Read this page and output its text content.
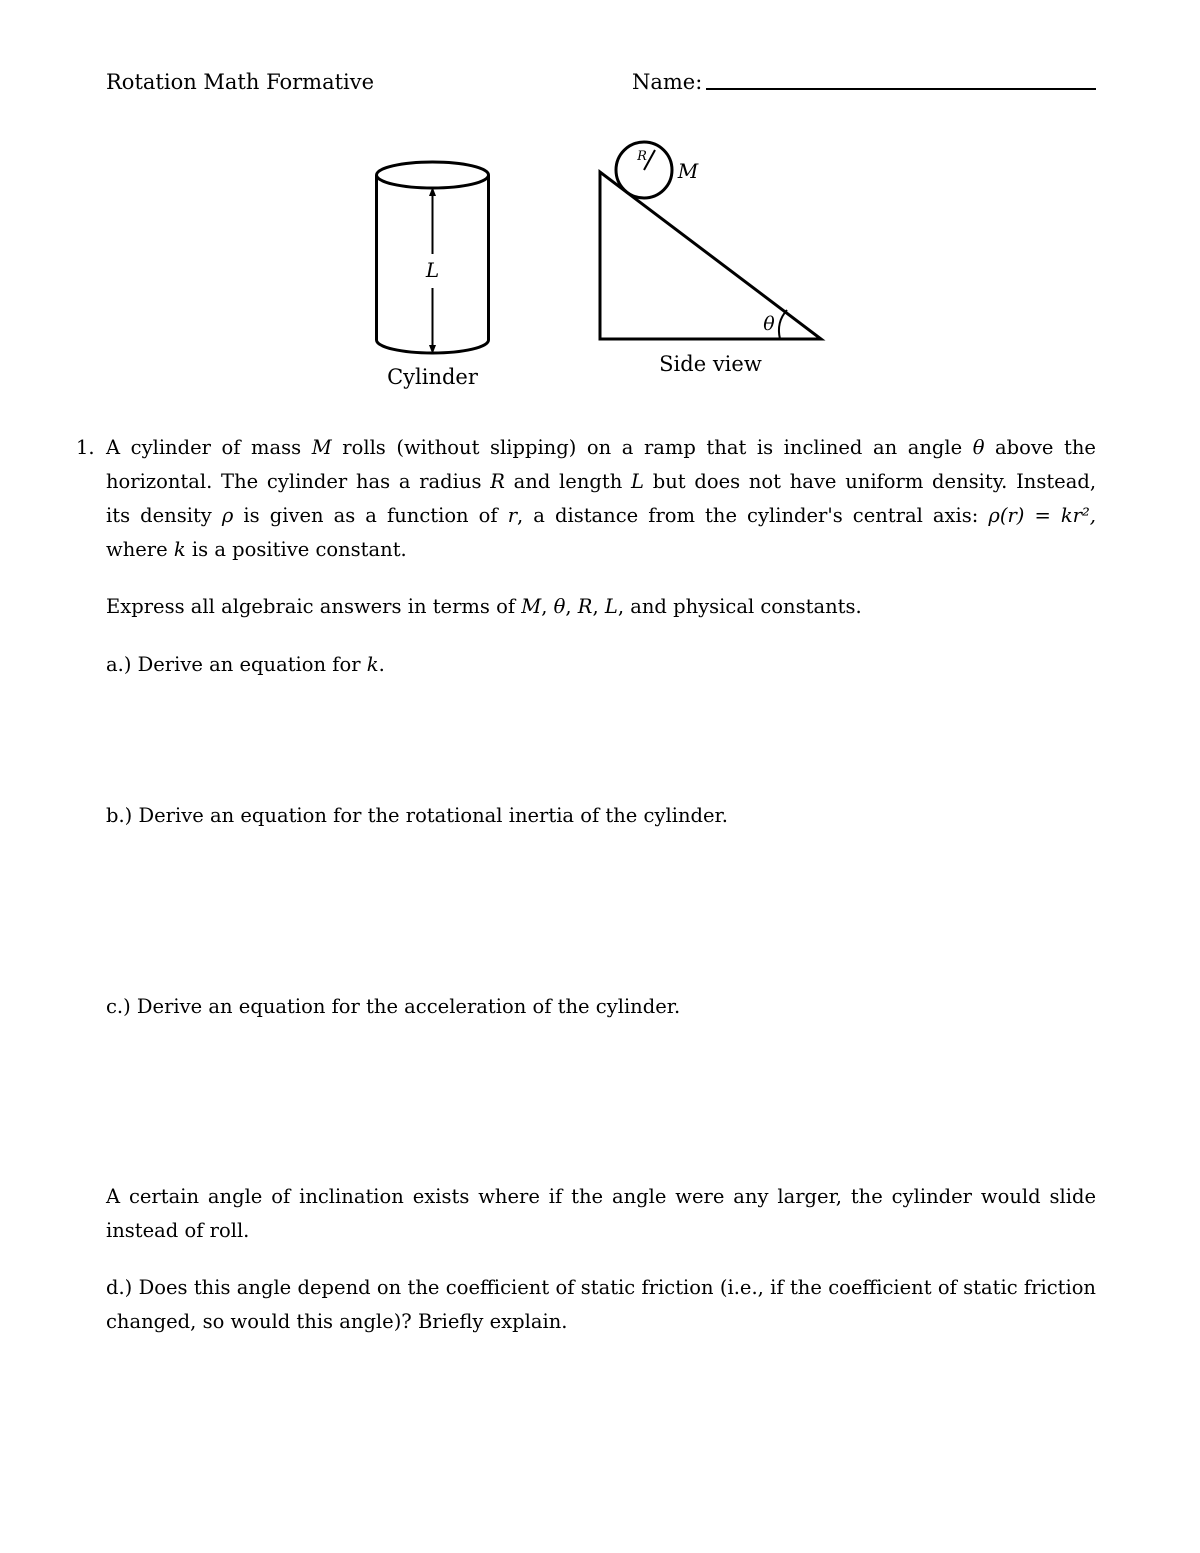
Rotation Math Formative	Name:
L
Cylinder
θ
R
M
Side view
1. A cylinder of mass M rolls (without slipping) on a ramp that is inclined an angle θ above the
horizontal. The cylinder has a radius R and length L but does not have uniform density. Instead,
its density ρ is given as a function of r, a distance from the cylinder's central axis: ρ(r) = kr²,
where k is a positive constant.
Express all algebraic answers in terms of M, θ, R, L, and physical constants.
a.) Derive an equation for k.
b.) Derive an equation for the rotational inertia of the cylinder.
c.) Derive an equation for the acceleration of the cylinder.
A certain angle of inclination exists where if the angle were any larger, the cylinder would slide
instead of roll.
d.) Does this angle depend on the coefficient of static friction (i.e., if the coefficient of static friction
changed, so would this angle)? Briefly explain.
